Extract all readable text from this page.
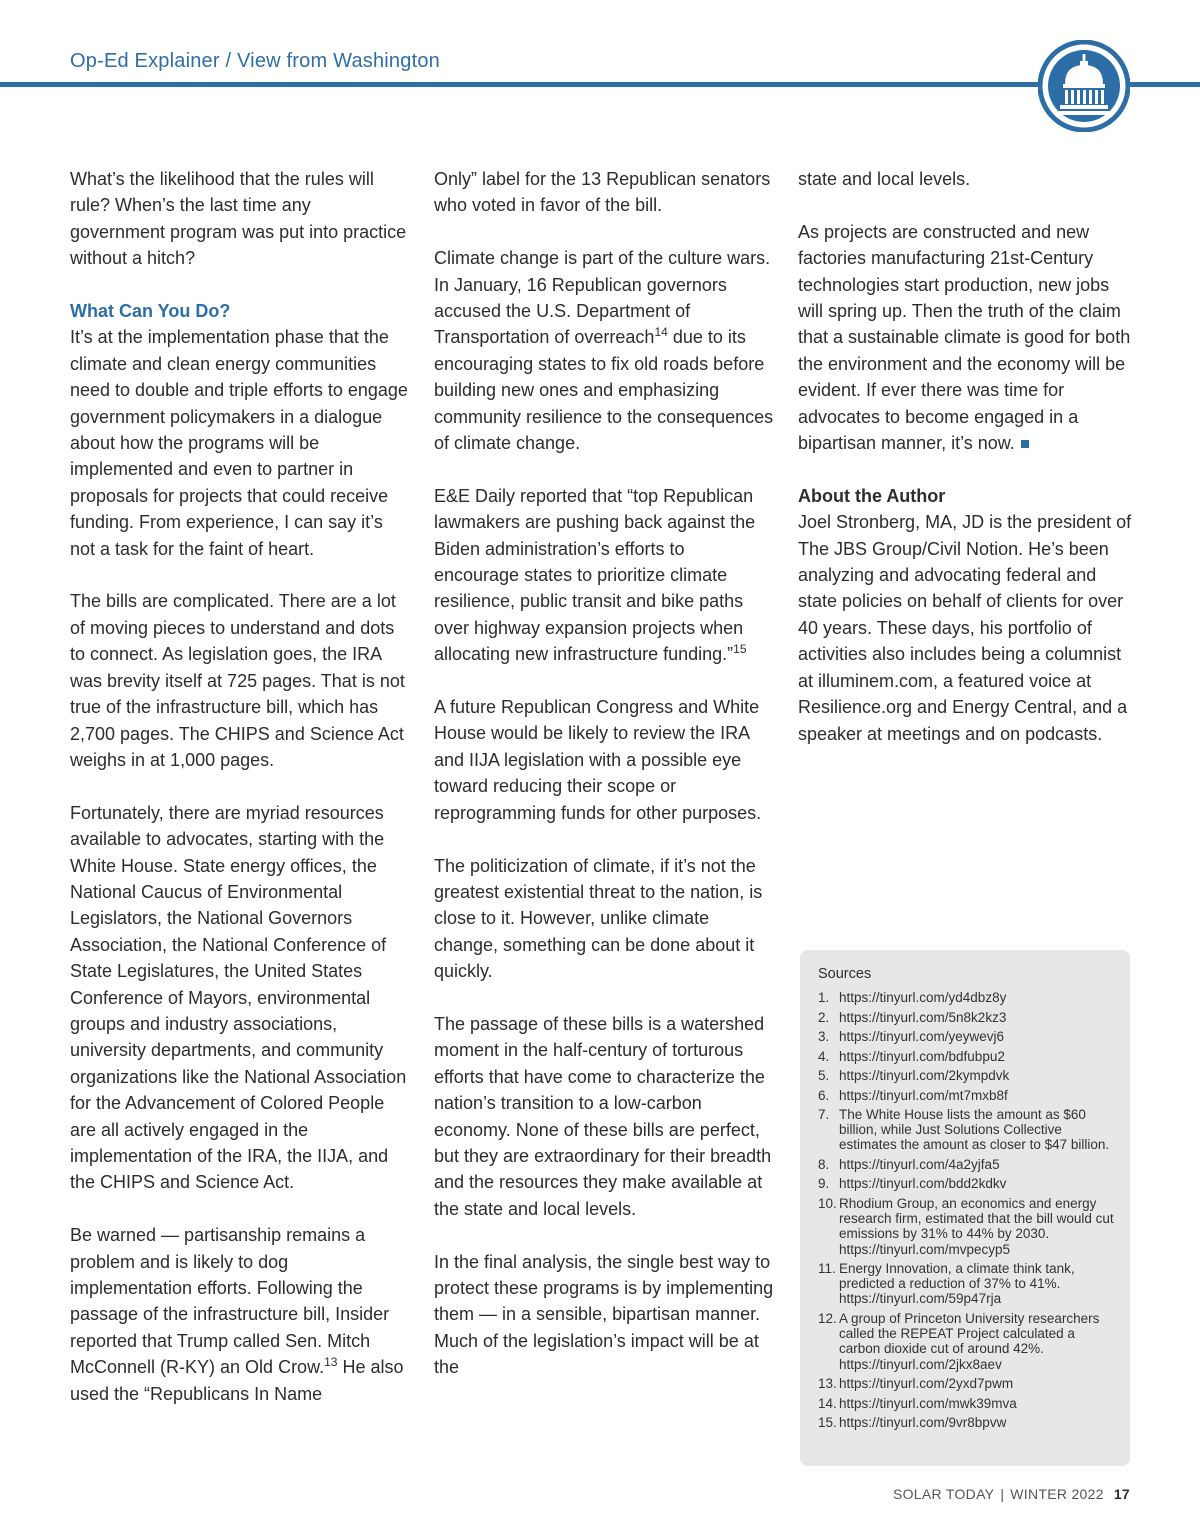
Op-Ed Explainer / View from Washington

What’s the likelihood that the rules will rule? When’s the last time any government program was put into practice without a hitch?

What Can You Do?

It’s at the implementation phase that the climate and clean energy communities need to double and triple efforts to engage government policymakers in a dialogue about how the programs will be implemented and even to partner in proposals for projects that could receive funding. From experience, I can say it’s not a task for the faint of heart.

The bills are complicated. There are a lot of moving pieces to understand and dots to connect. As legislation goes, the IRA was brevity itself at 725 pages. That is not true of the infrastructure bill, which has 2,700 pages. The CHIPS and Science Act weighs in at 1,000 pages.

Fortunately, there are myriad resources available to advocates, starting with the White House. State energy offices, the National Caucus of Environmental Legislators, the National Governors Association, the National Conference of State Legislatures, the United States Conference of Mayors, environmental groups and industry associations, university departments, and community organizations like the National Association for the Advancement of Colored People are all actively engaged in the implementation of the IRA, the IIJA, and the CHIPS and Science Act.

Be warned — partisanship remains a problem and is likely to dog implementation efforts. Following the passage of the infrastructure bill, Insider reported that Trump called Sen. Mitch McConnell (R-KY) an Old Crow.$^{13}$ He also used the “Republicans In Name

Only” label for the 13 Republican senators who voted in favor of the bill.

Climate change is part of the culture wars. In January, 16 Republican governors accused the U.S. Department of Transportation of overreach$^{14}$ due to its encouraging states to fix old roads before building new ones and emphasizing community resilience to the consequences of climate change.

E&E Daily reported that “top Republican lawmakers are pushing back against the Biden administration’s efforts to encourage states to prioritize climate resilience, public transit and bike paths over highway expansion projects when allocating new infrastructure funding.”$^{15}$

A future Republican Congress and White House would be likely to review the IRA and IIJA legislation with a possible eye toward reducing their scope or reprogramming funds for other purposes.

The politicization of climate, if it’s not the greatest existential threat to the nation, is close to it. However, unlike climate change, something can be done about it quickly.

The passage of these bills is a watershed moment in the half-century of torturous efforts that have come to characterize the nation’s transition to a low-carbon economy. None of these bills are perfect, but they are extraordinary for their breadth and the resources they make available at the state and local levels.

In the final analysis, the single best way to protect these programs is by implementing them — in a sensible, bipartisan manner. Much of the legislation’s impact will be at the

state and local levels.

As projects are constructed and new factories manufacturing 21st-Century technologies start production, new jobs will spring up. Then the truth of the claim that a sustainable climate is good for both the environment and the economy will be evident. If ever there was time for advocates to become engaged in a bipartisan manner, it’s now.

About the Author

Joel Stronberg, MA, JD is the president of The JBS Group/Civil Notion. He’s been analyzing and advocating federal and state policies on behalf of clients for over 40 years. These days, his portfolio of activities also includes being a columnist at illuminem.com, a featured voice at Resilience.org and Energy Central, and a speaker at meetings and on podcasts.

Sources
1. https://tinyurl.com/yd4dbz8y
2. https://tinyurl.com/5n8k2kz3
3. https://tinyurl.com/yeywevj6
4. https://tinyurl.com/bdfubpu2
5. https://tinyurl.com/2kympdvk
6. https://tinyurl.com/mt7mxb8f
7. The White House lists the amount as $60 billion, while Just Solutions Collective estimates the amount as closer to $47 billion.
8. https://tinyurl.com/4a2yjfa5
9. https://tinyurl.com/bdd2kdkv
10. Rhodium Group, an economics and energy research firm, estimated that the bill would cut emissions by 31% to 44% by 2030. https://tinyurl.com/mvpecyp5
11. Energy Innovation, a climate think tank, predicted a reduction of 37% to 41%. https://tinyurl.com/59p47rja
12. A group of Princeton University researchers called the REPEAT Project calculated a carbon dioxide cut of around 42%. https://tinyurl.com/2jkx8aev
13. https://tinyurl.com/2yxd7pwm
14. https://tinyurl.com/mwk39mva
15. https://tinyurl.com/9vr8bpvw
SOLAR TODAY | WINTER 2022 17
